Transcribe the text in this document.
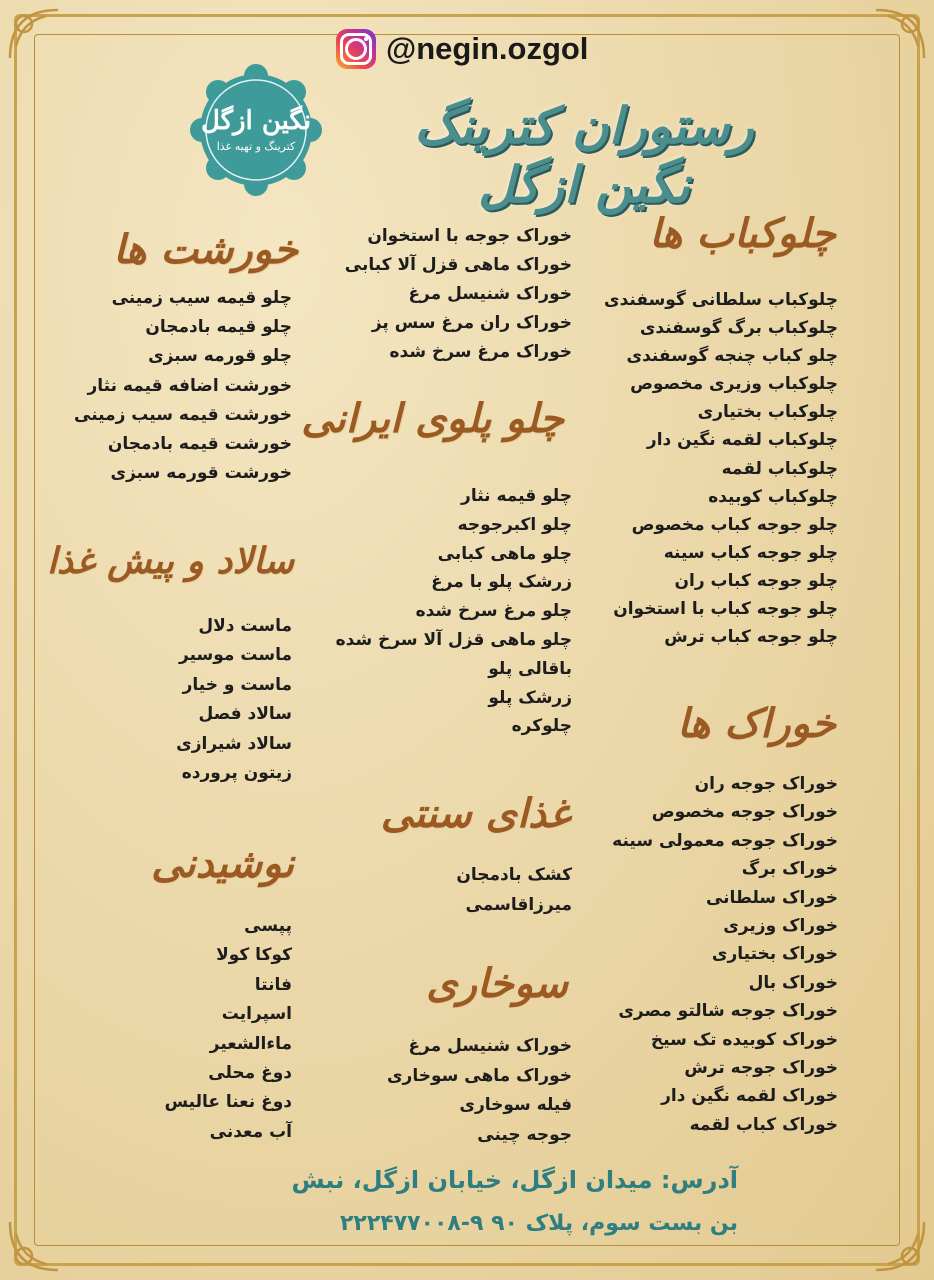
@negin.ozgol
نگین ازگل
کترینگ و تهیه غذا	رستوران کترینگ نگین ازگل
چلوکباب ها
چلوکباب سلطانی گوسفندی
چلوکباب برگ گوسفندی
چلو کباب چنجه گوسفندی
چلوکباب وزیری مخصوص
چلوکباب بختیاری
چلوکباب لقمه نگین دار
چلوکباب لقمه
چلوکباب کوبیده
چلو جوجه کباب مخصوص
چلو جوجه کباب سینه
چلو جوجه کباب ران
چلو جوجه کباب با استخوان
چلو جوجه کباب ترش
خوراک ها
خوراک جوجه ران
خوراک جوجه مخصوص
خوراک جوجه معمولی سینه
خوراک برگ
خوراک سلطانی
خوراک وزیری
خوراک بختیاری
خوراک بال
خوراک جوجه شالتو مصری
خوراک کوبیده تک سیخ
خوراک جوجه ترش
خوراک لقمه نگین دار
خوراک کباب لقمه
خوراک جوجه با استخوان
خوراک ماهی قزل آلا کبابی
خوراک شنیسل مرغ
خوراک ران مرغ سس پز
خوراک مرغ سرخ شده
چلو پلوی ایرانی
چلو قیمه نثار
چلو اکبرجوجه
چلو ماهی کبابی
زرشک پلو با مرغ
چلو مرغ سرخ شده
چلو ماهی قزل آلا سرخ شده
باقالی پلو
زرشک پلو
چلوکره
غذای سنتی
کشک بادمجان
میرزاقاسمی
سوخاری
خوراک شنیسل مرغ
خوراک ماهی سوخاری
فیله سوخاری
جوجه چینی
خورشت ها
چلو قیمه سیب زمینی
چلو قیمه بادمجان
چلو قورمه سبزی
خورشت اضافه قیمه نثار
خورشت قیمه سیب زمینی
خورشت قیمه بادمجان
خورشت قورمه سبزی
سالاد و پیش غذا
ماست دلال
ماست موسیر
ماست و خیار
سالاد فصل
سالاد شیرازی
زیتون پرورده
نوشیدنی
پپسی
کوکا کولا
فانتا
اسپرایت
ماءالشعیر
دوغ محلی
دوغ نعنا عالیس
آب معدنی
آدرس: میدان ازگل، خیابان ازگل، نبش
بن بست سوم، پلاک ۹۰ ۹-۲۲۲۴۷۷۰۰۸
